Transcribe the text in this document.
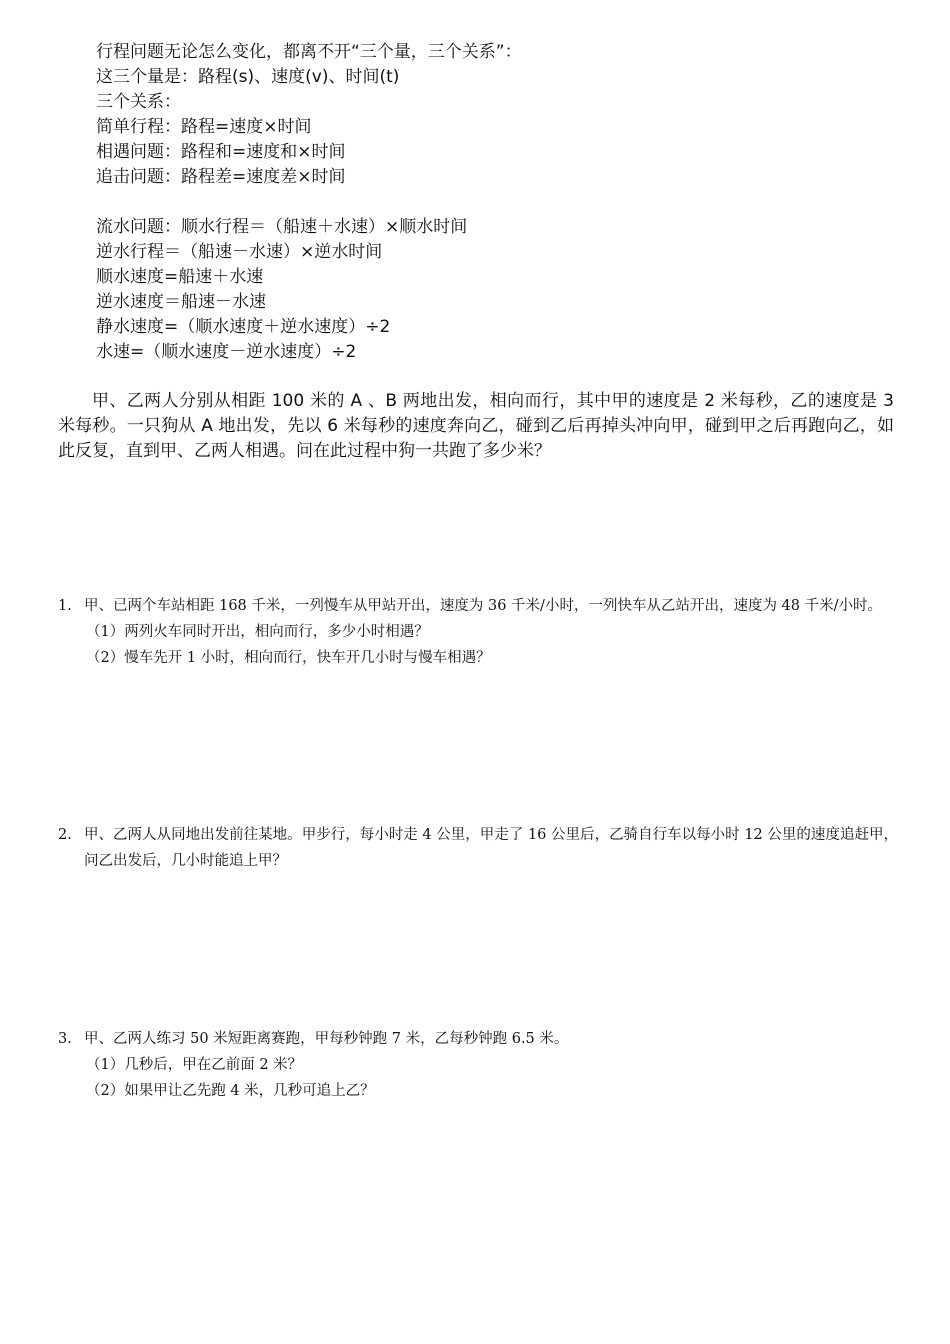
行程问题无论怎么变化，都离不开“三个量，三个关系”：
这三个量是：路程(s)、速度(v)、时间(t)
三个关系：
简单行程：路程=速度×时间
相遇问题：路程和=速度和×时间
追击问题：路程差=速度差×时间
流水问题：顺水行程＝（船速＋水速）×顺水时间
逆水行程＝（船速－水速）×逆水时间
顺水速度=船速＋水速
逆水速度＝船速－水速
静水速度=（顺水速度＋逆水速度）÷2
水速=（顺水速度－逆水速度）÷2
甲、乙两人分别从相距 100 米的 A 、B 两地出发，相向而行，其中甲的速度是 2 米每秒，乙的速度是 3 米每秒。一只狗从 A 地出发，先以 6 米每秒的速度奔向乙，碰到乙后再掉头冲向甲，碰到甲之后再跑向乙，如此反复，直到甲、乙两人相遇。问在此过程中狗一共跑了多少米？
1. 甲、已两个车站相距 168 千米，一列慢车从甲站开出，速度为 36 千米/小时，一列快车从乙站开出，速度为 48 千米/小时。
（1）两列火车同时开出，相向而行，多少小时相遇？
（2）慢车先开 1 小时，相向而行，快车开几小时与慢车相遇？
2. 甲、乙两人从同地出发前往某地。甲步行，每小时走 4 公里，甲走了 16 公里后，乙骑自行车以每小时 12 公里的速度追赶甲，问乙出发后，几小时能追上甲？
3. 甲、乙两人练习 50 米短距离赛跑，甲每秒钟跑 7 米，乙每秒钟跑 6.5 米。
（1）几秒后，甲在乙前面 2 米？
（2）如果甲让乙先跑 4 米，几秒可追上乙？
